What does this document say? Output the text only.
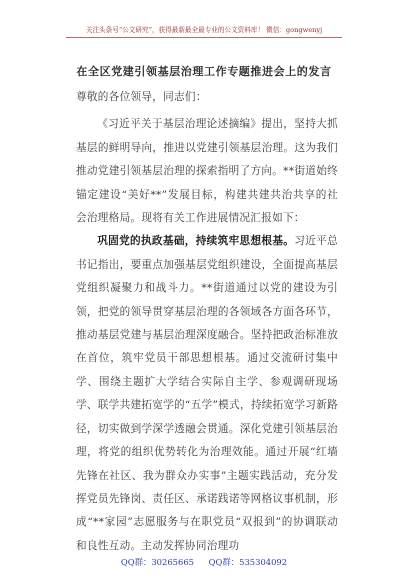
关注头条号“公文研究”，获得最新最全最专业的公文资料库！ 微信：gongwenyj
在全区党建引领基层治理工作专题推进会上的发言

尊敬的各位领导，同志们：

《习近平关于基层治理论述摘编》提出，坚持大抓基层的鲜明导向，推进以党建引领基层治理。这为我们推动党建引领基层治理的探索指明了方向。**街道始终锚定建设“美好**”发展目标，构建共建共治共享的社会治理格局。现将有关工作进展情况汇报如下：

巩固党的执政基础，持续筑牢思想根基。习近平总书记指出，要重点加强基层党组织建设，全面提高基层党组织凝聚力和战斗力。**街道通过以党的建设为引领，把党的领导贯穿基层治理的各领域各方面各环节，推动基层党建与基层治理深度融合。坚持把政治标准放在首位，筑牢党员干部思想根基。通过交流研讨集中学、围绕主题扩大学结合实际自主学、参观调研现场学、联学共建拓宽学的“五学”模式，持续拓宽学习新路径，切实做到学深学透融会贯通。深化党建引领基层治理，将党的组织优势转化为治理效能。通过开展“红墙先锋在社区、我为群众办实事”主题实践活动，充分发挥党员先锋岗、责任区、承诺践诺等网格议事机制，形成“**家园”志愿服务与在职党员“双报到”的协调联动和良性互动。主动发挥协同治理功

QQ群：30265665 QQ群：535304092
